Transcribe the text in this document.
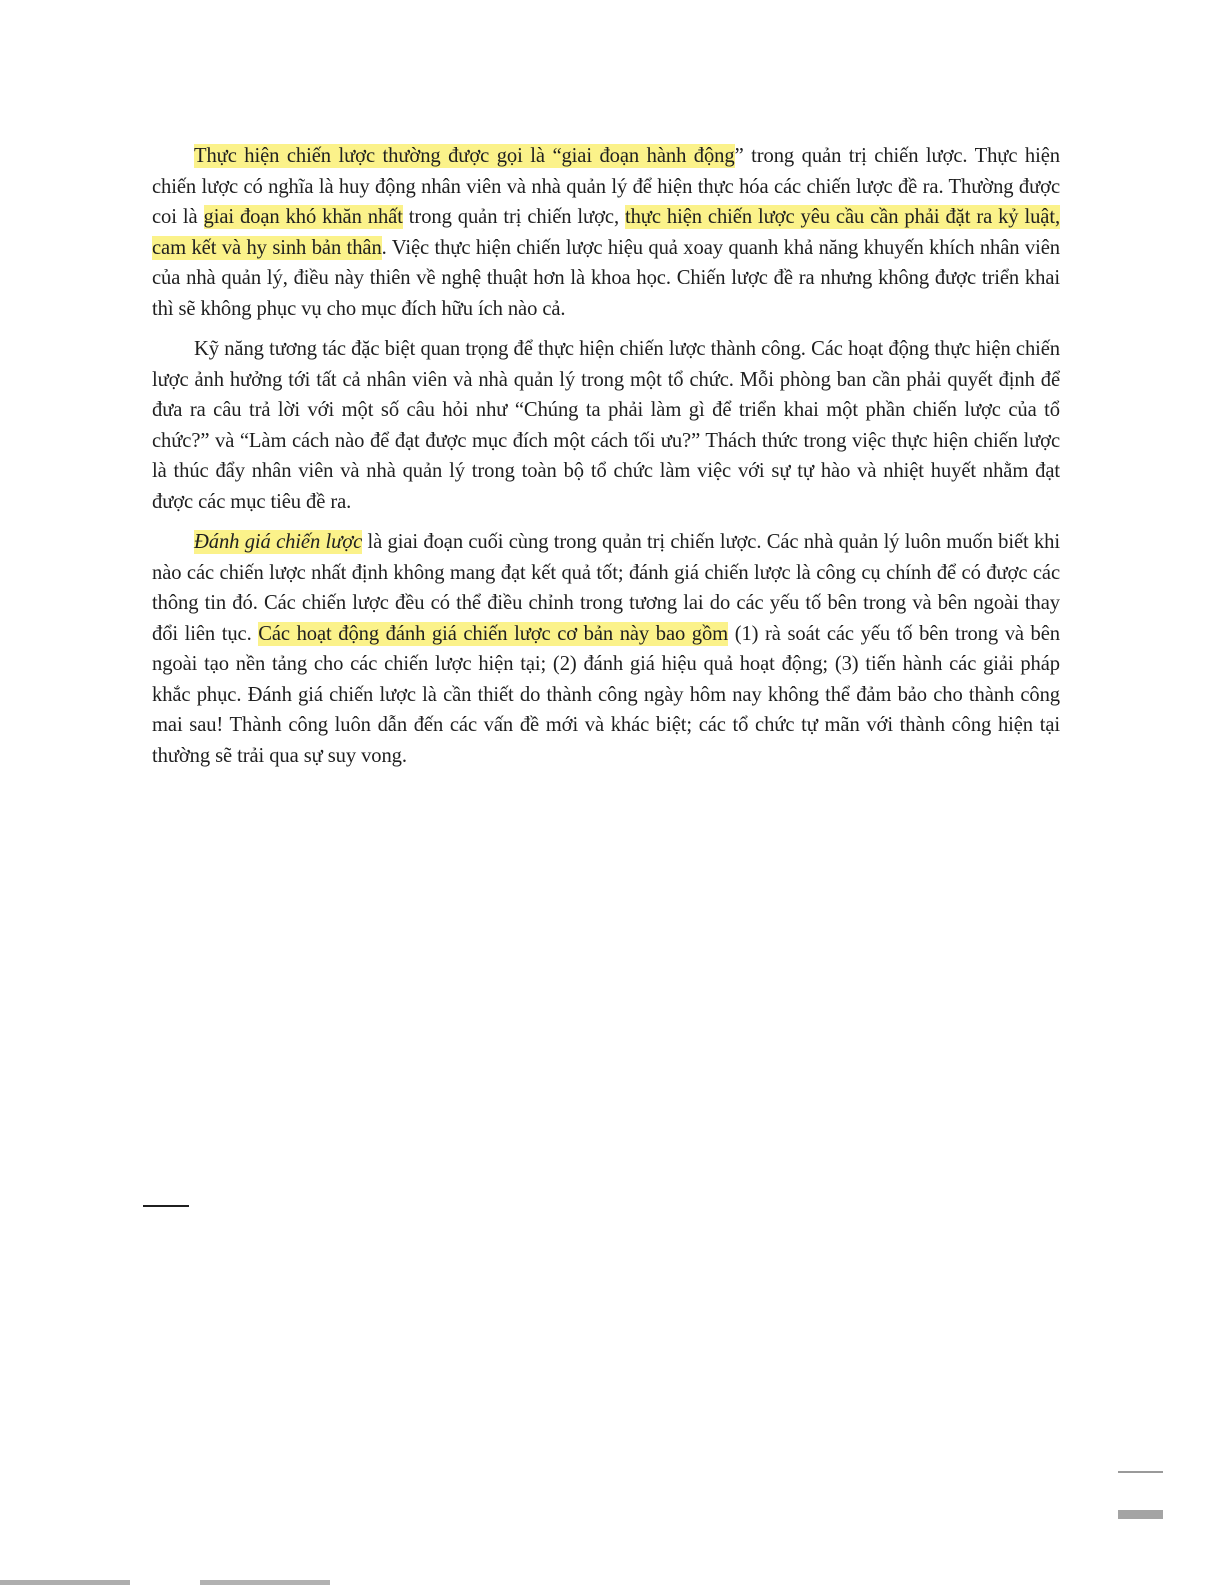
Thực hiện chiến lược thường được gọi là “giai đoạn hành động” trong quản trị chiến lược. Thực hiện chiến lược có nghĩa là huy động nhân viên và nhà quản lý để hiện thực hóa các chiến lược đề ra. Thường được coi là giai đoạn khó khăn nhất trong quản trị chiến lược, thực hiện chiến lược yêu cầu cần phải đặt ra kỷ luật, cam kết và hy sinh bản thân. Việc thực hiện chiến lược hiệu quả xoay quanh khả năng khuyến khích nhân viên của nhà quản lý, điều này thiên về nghệ thuật hơn là khoa học. Chiến lược đề ra nhưng không được triển khai thì sẽ không phục vụ cho mục đích hữu ích nào cả.

Kỹ năng tương tác đặc biệt quan trọng để thực hiện chiến lược thành công. Các hoạt động thực hiện chiến lược ảnh hưởng tới tất cả nhân viên và nhà quản lý trong một tổ chức. Mỗi phòng ban cần phải quyết định để đưa ra câu trả lời với một số câu hỏi như “Chúng ta phải làm gì để triển khai một phần chiến lược của tổ chức?” và “Làm cách nào để đạt được mục đích một cách tối ưu?” Thách thức trong việc thực hiện chiến lược là thúc đẩy nhân viên và nhà quản lý trong toàn bộ tổ chức làm việc với sự tự hào và nhiệt huyết nhằm đạt được các mục tiêu đề ra.

Đánh giá chiến lược là giai đoạn cuối cùng trong quản trị chiến lược. Các nhà quản lý luôn muốn biết khi nào các chiến lược nhất định không mang đạt kết quả tốt; đánh giá chiến lược là công cụ chính để có được các thông tin đó. Các chiến lược đều có thể điều chỉnh trong tương lai do các yếu tố bên trong và bên ngoài thay đổi liên tục. Các hoạt động đánh giá chiến lược cơ bản này bao gồm (1) rà soát các yếu tố bên trong và bên ngoài tạo nền tảng cho các chiến lược hiện tại; (2) đánh giá hiệu quả hoạt động; (3) tiến hành các giải pháp khắc phục. Đánh giá chiến lược là cần thiết do thành công ngày hôm nay không thể đảm bảo cho thành công mai sau! Thành công luôn dẫn đến các vấn đề mới và khác biệt; các tổ chức tự mãn với thành công hiện tại thường sẽ trải qua sự suy vong.
